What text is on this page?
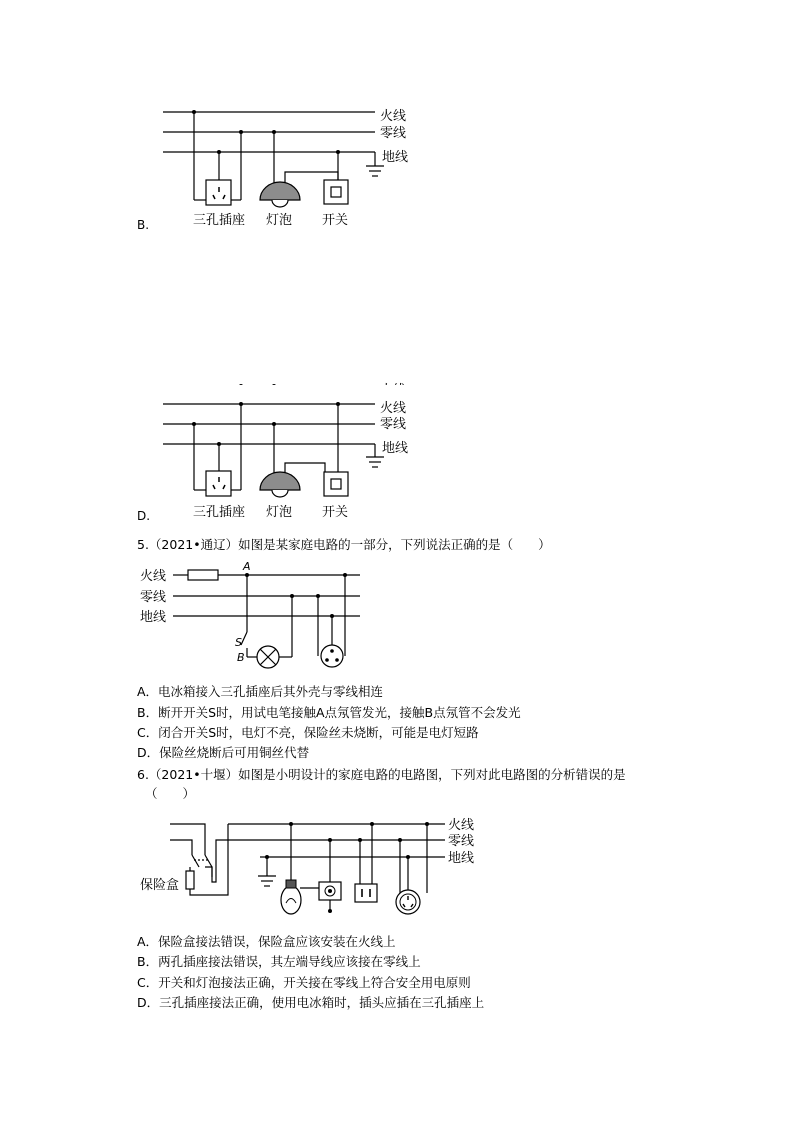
火线
零线
地线
三孔插座 灯泡 开关
B.
火线
零线
地线
三孔插座 灯泡 开关
D.
5.（2021•通辽）如图是某家庭电路的一部分，下列说法正确的是（　　）
火线
零线
地线
A
S
B
A．电冰箱接入三孔插座后其外壳与零线相连
B．断开开关S时，用试电笔接触A点氖管发光，接触B点氖管不会发光
C．闭合开关S时，电灯不亮，保险丝未烧断，可能是电灯短路
D．保险丝烧断后可用铜丝代替
6.（2021•十堰）如图是小明设计的家庭电路的电路图，下列对此电路图的分析错误的是
（　　）
火线
零线
地线
保险盒
A．保险盒接法错误，保险盒应该安装在火线上
B．两孔插座接法错误，其左端导线应该接在零线上
C．开关和灯泡接法正确，开关接在零线上符合安全用电原则
D．三孔插座接法正确，使用电冰箱时，插头应插在三孔插座上
